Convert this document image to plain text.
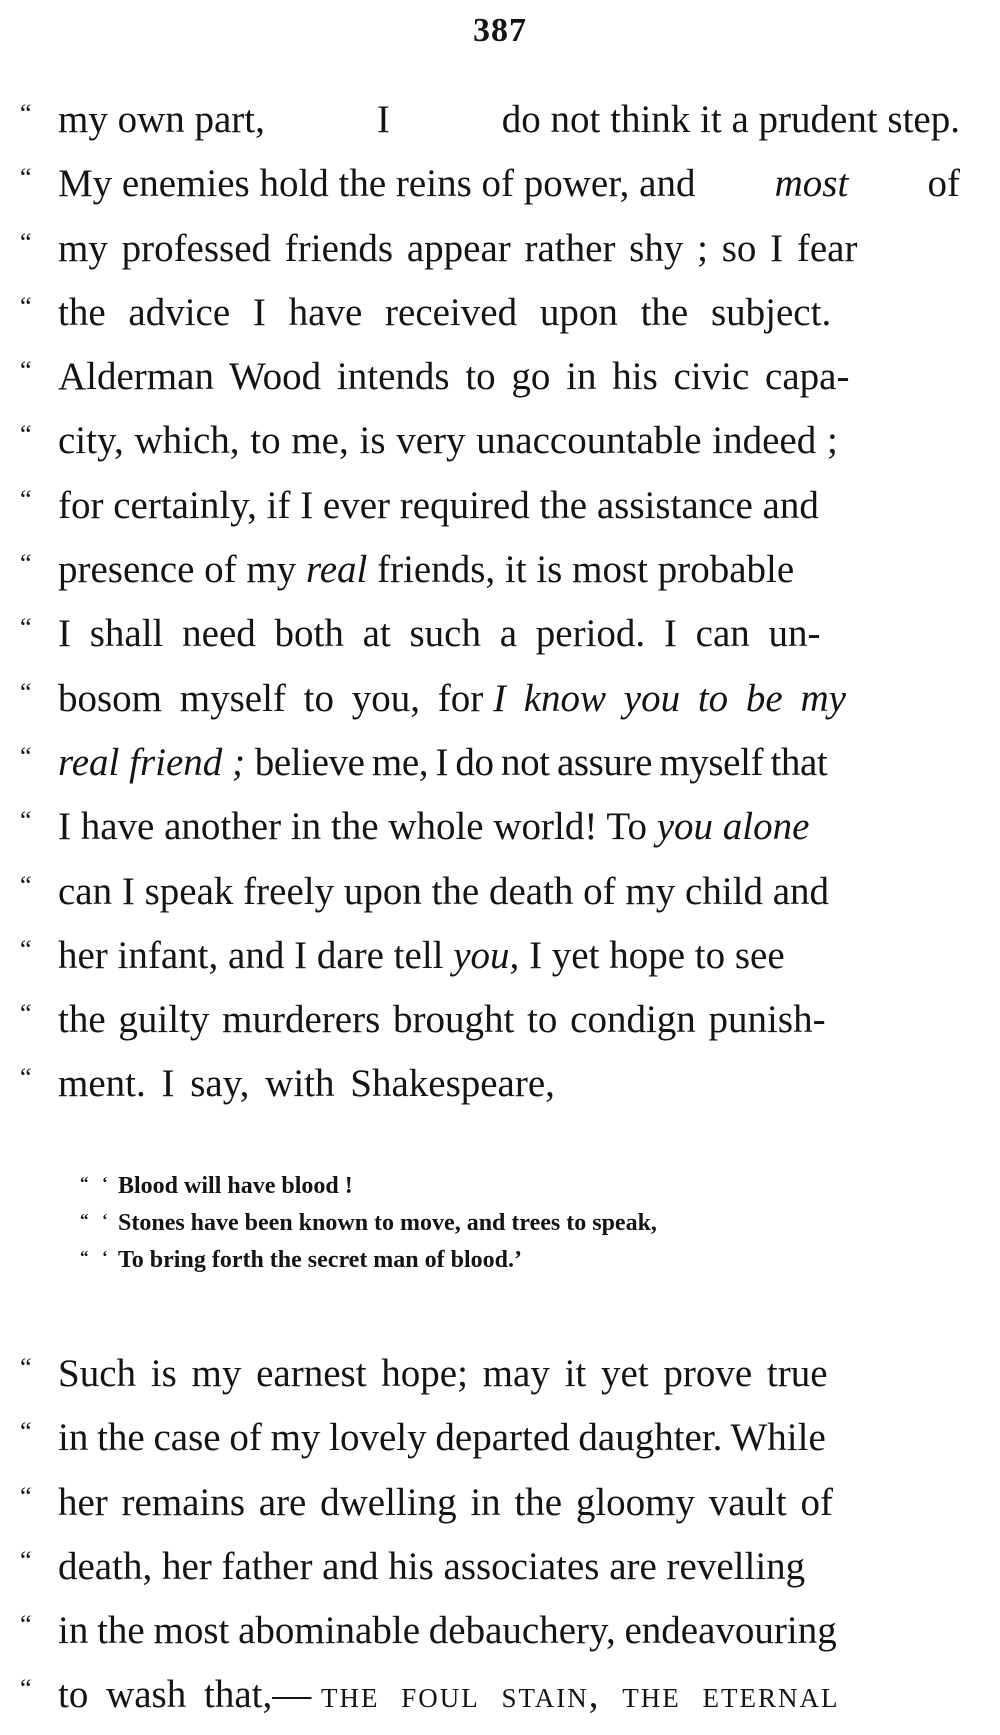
387
“ my own part,	I	do not think it a prudent step.
“ My enemies hold the reins of power, and most of
“ my professed friends appear rather shy ; so I fear
“ the advice I have received upon the subject.
“ Alderman Wood intends to go in his civic capa-
“ city, which, to me, is very unaccountable indeed ;
“ for certainly, if I ever required the assistance and
“ presence of my real friends, it is most probable
“ I shall need both at such a period. I can un-
“ bosom myself to you, for I know you to be my
“ real friend ; believe me, I do not assure myself that
“ I have another in the whole world! To you alone
“ can I speak freely upon the death of my child and
“ her infant, and I dare tell you, I yet hope to see
“ the guilty murderers brought to condign punish-
“ ment. I say, with Shakespeare,
“ ‘ Blood will have blood !
“ ‘ Stones have been known to move, and trees to speak,
“ ‘ To bring forth the secret man of blood.’
“ Such is my earnest hope; may it yet prove true
“ in the case of my lovely departed daughter. While
“ her remains are dwelling in the gloomy vault of
“ death, her father and his associates are revelling
“ in the most abominable debauchery, endeavouring
“ to wash that,— the foul stain, the eternal
